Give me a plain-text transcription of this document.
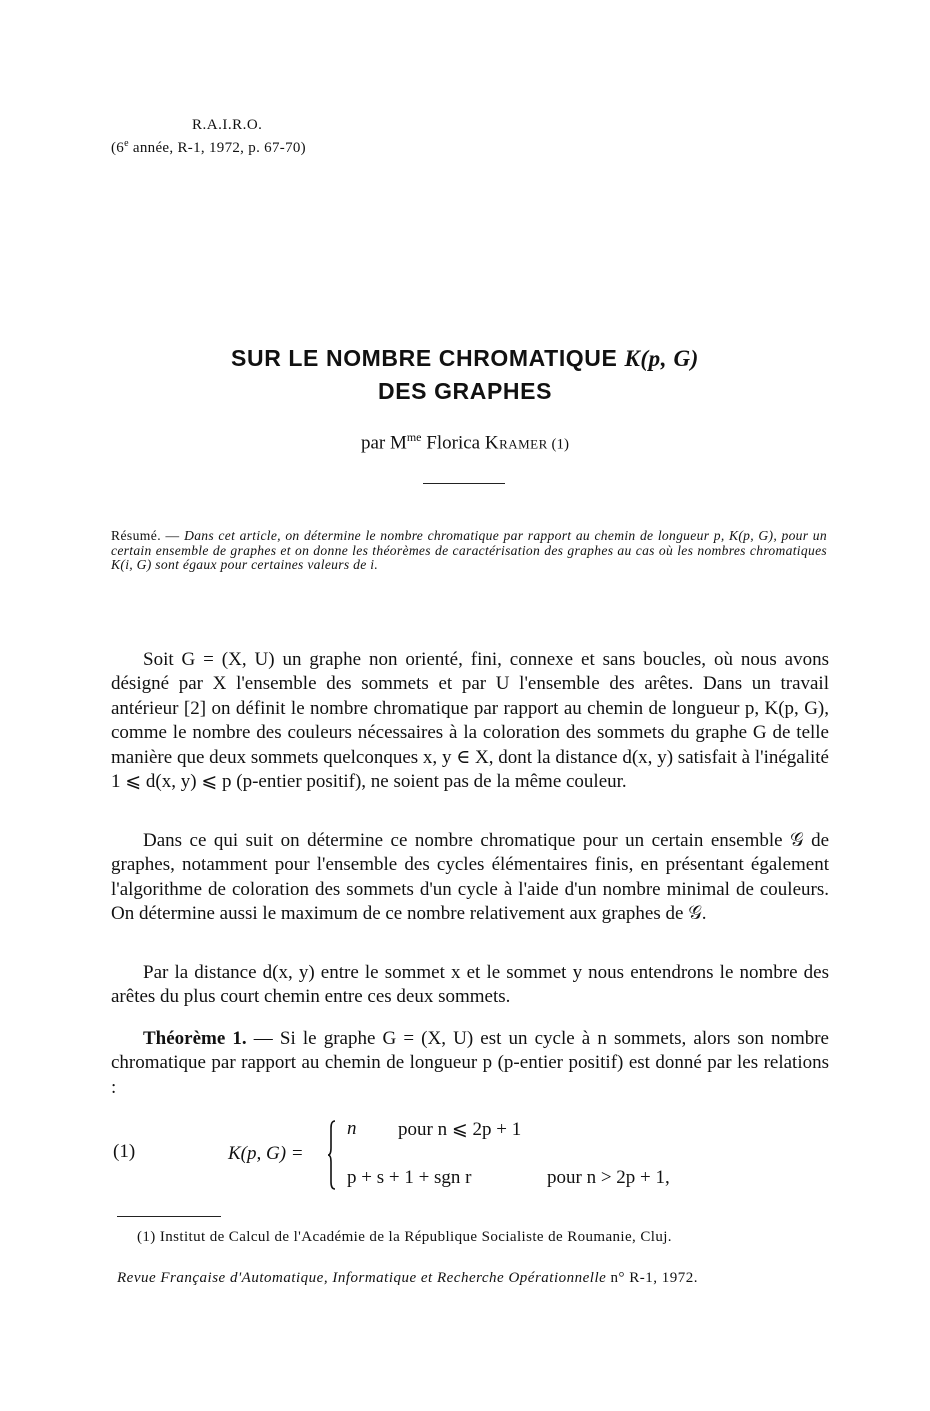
R.A.I.R.O.
(6e année, R-1, 1972, p. 67-70)
SUR LE NOMBRE CHROMATIQUE K(p, G)
DES GRAPHES
par $M^{me}$ Florica Kramer (1)
Résumé. — Dans cet article, on détermine le nombre chromatique par rapport au chemin de longueur p, K(p, G), pour un certain ensemble de graphes et on donne les théorèmes de caractérisation des graphes au cas où les nombres chromatiques K(i, G) sont égaux pour certaines valeurs de i.
Soit G = (X, U) un graphe non orienté, fini, connexe et sans boucles, où nous avons désigné par X l'ensemble des sommets et par U l'ensemble des arêtes. Dans un travail antérieur [2] on définit le nombre chromatique par rapport au chemin de longueur p, K(p, G), comme le nombre des couleurs nécessaires à la coloration des sommets du graphe G de telle manière que deux sommets quelconques x, y ∈ X, dont la distance d(x, y) satisfait à l'inégalité 1 ⩽ d(x, y) ⩽ p (p-entier positif), ne soient pas de la même couleur.
Dans ce qui suit on détermine ce nombre chromatique pour un certain ensemble 𝒢 de graphes, notamment pour l'ensemble des cycles élémentaires finis, en présentant également l'algorithme de coloration des sommets d'un cycle à l'aide d'un nombre minimal de couleurs. On détermine aussi le maximum de ce nombre relativement aux graphes de 𝒢.
Par la distance d(x, y) entre le sommet x et le sommet y nous entendrons le nombre des arêtes du plus court chemin entre ces deux sommets.
Théorème 1. — Si le graphe G = (X, U) est un cycle à n sommets, alors son nombre chromatique par rapport au chemin de longueur p (p-entier positif) est donné par les relations :
(1)	K(p, G) =
n pour n ⩽ 2p + 1
p + s + 1 + sgn r	pour n > 2p + 1,
(1) Institut de Calcul de l'Académie de la République Socialiste de Roumanie, Cluj.
Revue Française d'Automatique, Informatique et Recherche Opérationnelle n° R-1, 1972.
